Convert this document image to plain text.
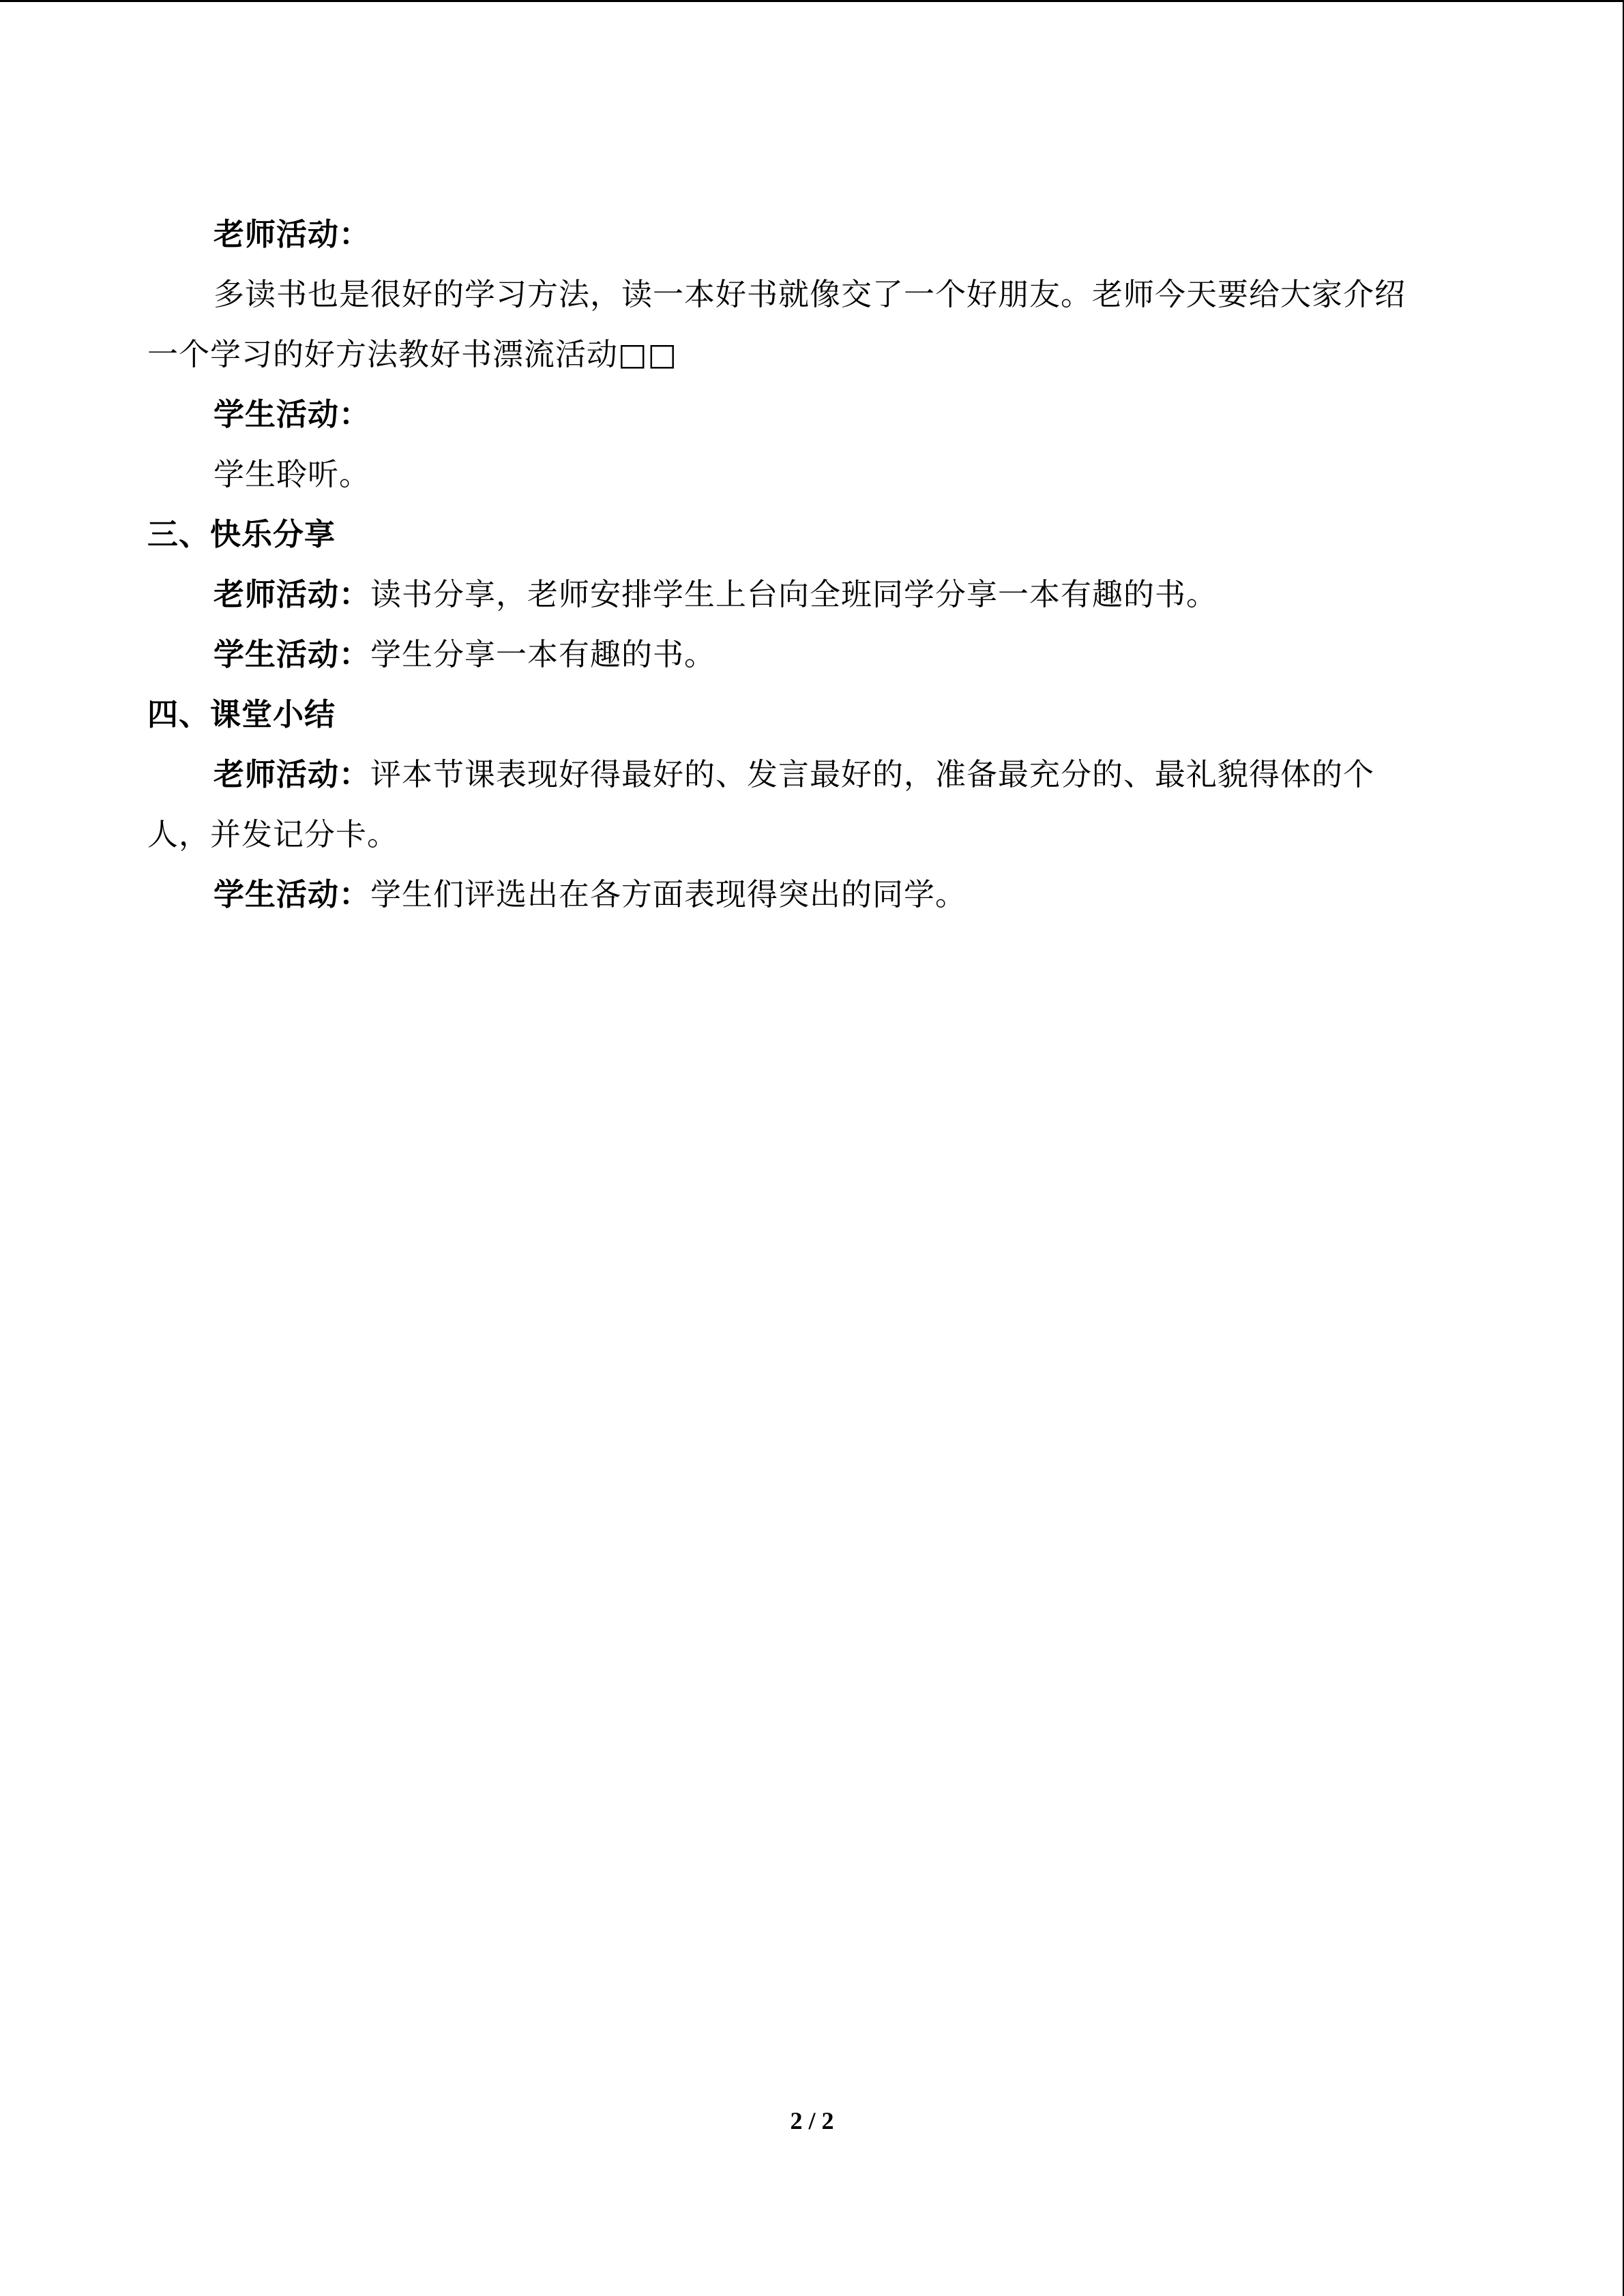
老师活动：
多读书也是很好的学习方法，读一本好书就像交了一个好朋友。老师今天要给大家介绍
一个学习的好方法教好书漂流活动□□
学生活动：
学生聆听。
三、快乐分享
老师活动：读书分享，老师安排学生上台向全班同学分享一本有趣的书。
学生活动：学生分享一本有趣的书。
四、课堂小结
老师活动：评本节课表现好得最好的、发言最好的，准备最充分的、最礼貌得体的个
人，并发记分卡。
学生活动：学生们评选出在各方面表现得突出的同学。
2 / 2
